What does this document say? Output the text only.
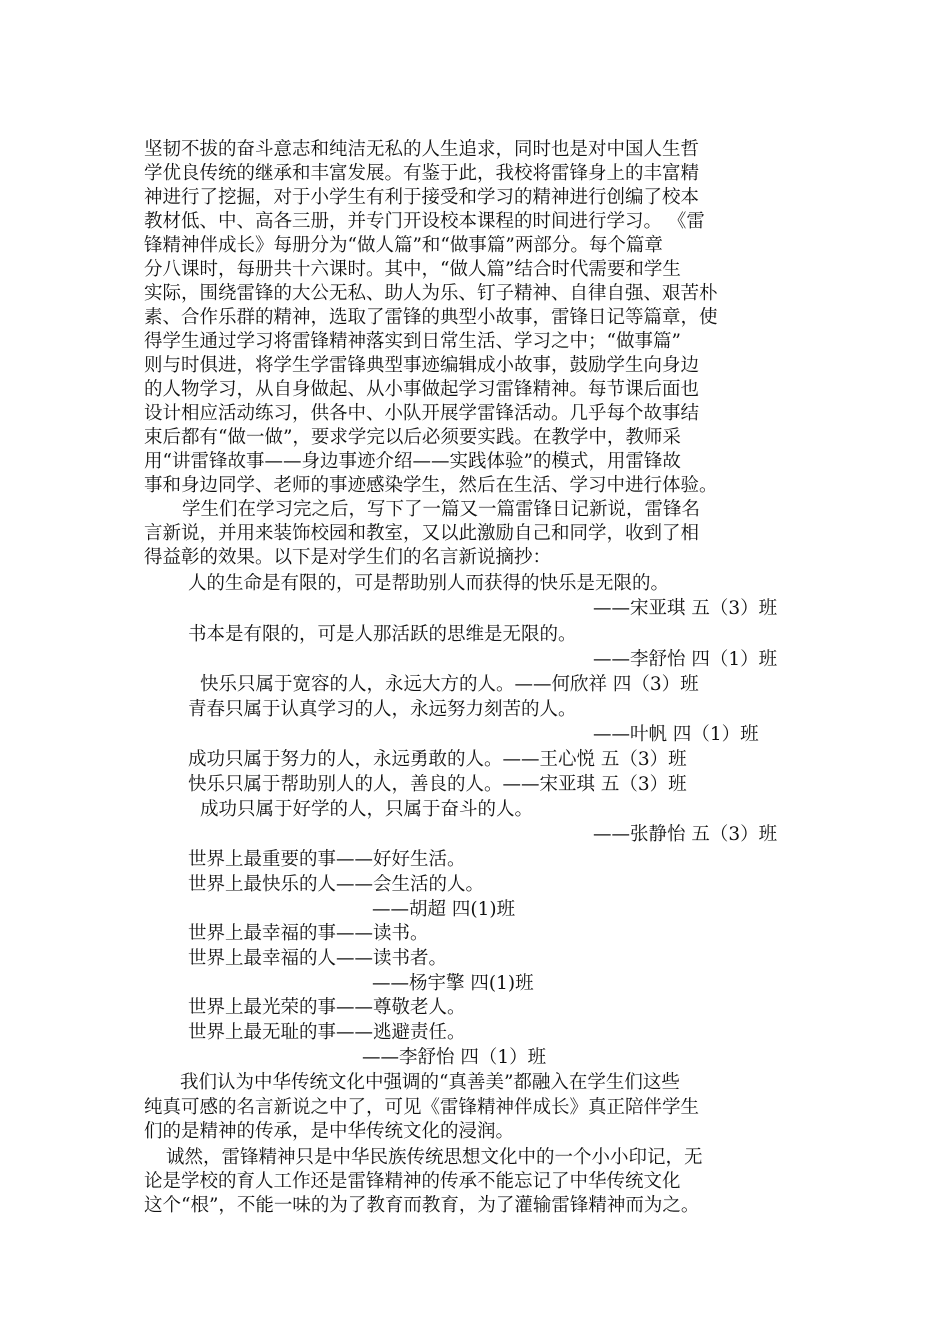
坚韧不拔的奋斗意志和纯洁无私的人生追求，同时也是对中国人生哲
学优良传统的继承和丰富发展。有鉴于此，我校将雷锋身上的丰富精
神进行了挖掘，对于小学生有利于接受和学习的精神进行创编了校本
教材低、中、高各三册，并专门开设校本课程的时间进行学习。 《雷
锋精神伴成长》每册分为“做人篇”和“做事篇”两部分。每个篇章
分八课时，每册共十六课时。其中，“做人篇”结合时代需要和学生
实际，围绕雷锋的大公无私、助人为乐、钉子精神、自律自强、艰苦朴
素、合作乐群的精神，选取了雷锋的典型小故事，雷锋日记等篇章，使
得学生通过学习将雷锋精神落实到日常生活、学习之中；“做事篇”
则与时俱进，将学生学雷锋典型事迹编辑成小故事，鼓励学生向身边
的人物学习，从自身做起、从小事做起学习雷锋精神。每节课后面也
设计相应活动练习，供各中、小队开展学雷锋活动。几乎每个故事结
束后都有“做一做”，要求学完以后必须要实践。在教学中，教师采
用“讲雷锋故事——身边事迹介绍——实践体验”的模式，用雷锋故
事和身边同学、老师的事迹感染学生，然后在生活、学习中进行体验。
学生们在学习完之后，写下了一篇又一篇雷锋日记新说，雷锋名
言新说，并用来装饰校园和教室，又以此激励自己和同学，收到了相
得益彰的效果。以下是对学生们的名言新说摘抄：
人的生命是有限的，可是帮助别人而获得的快乐是无限的。
——宋亚琪 五（3）班
书本是有限的，可是人那活跃的思维是无限的。
——李舒怡 四（1）班
快乐只属于宽容的人，永远大方的人。——何欣祥 四（3）班
青春只属于认真学习的人，永远努力刻苦的人。
——叶帆 四（1）班
成功只属于努力的人，永远勇敢的人。——王心悦 五（3）班
快乐只属于帮助别人的人，善良的人。——宋亚琪 五（3）班
成功只属于好学的人，只属于奋斗的人。
——张静怡 五（3）班
世界上最重要的事——好好生活。
世界上最快乐的人——会生活的人。
——胡超 四(1)班
世界上最幸福的事——读书。
世界上最幸福的人——读书者。
——杨宇擎 四(1)班
世界上最光荣的事——尊敬老人。
世界上最无耻的事——逃避责任。
——李舒怡 四（1）班
我们认为中华传统文化中强调的“真善美”都融入在学生们这些
纯真可感的名言新说之中了，可见《雷锋精神伴成长》真正陪伴学生
们的是精神的传承，是中华传统文化的浸润。
诚然，雷锋精神只是中华民族传统思想文化中的一个小小印记，无
论是学校的育人工作还是雷锋精神的传承不能忘记了中华传统文化
这个“根”，不能一味的为了教育而教育，为了灌输雷锋精神而为之。
